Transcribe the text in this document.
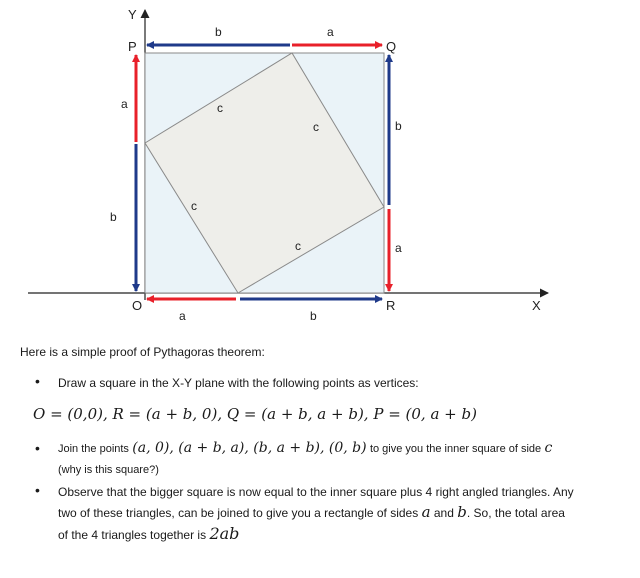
Y
X
P	Q
R
O
b	a
a
b
b
a
a	b
c
c
c
c
Here is a simple proof of Pythagoras theorem:
• Draw a square in the X-Y plane with the following points as vertices:
O = (0,0), R = (a + b, 0), Q = (a + b, a + b), P = (0, a + b)
• Join the points (a, 0), (a + b, a), (b, a + b), (0, b) to give you the inner square of side c
(why is this square?)
• Observe that the bigger square is now equal to the inner square plus 4 right angled triangles. Any
two of these triangles, can be joined to give you a rectangle of sides a and b. So, the total area
of the 4 triangles together is 2ab
